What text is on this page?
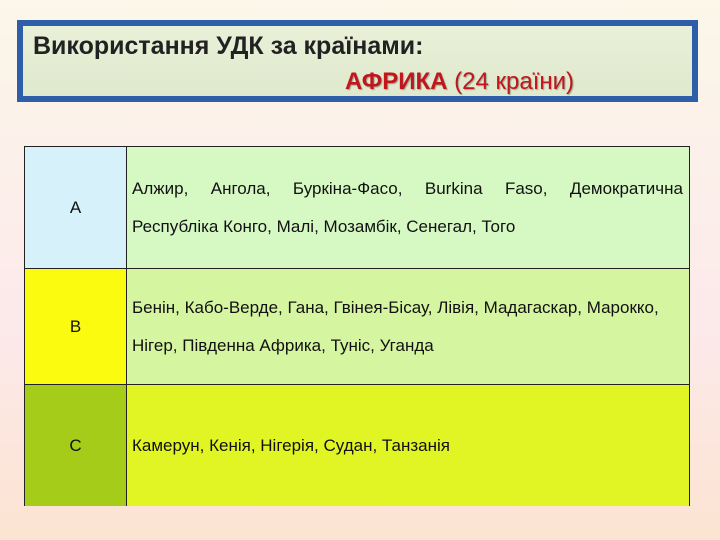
Використання УДК за країнами:
АФРИКА (24 країни)
A
Алжир, Ангола, Буркіна-Фасо, Burkina Faso, Демократична Республіка Конго, Малі, Мозамбік, Сенегал, Того
B
Бенін, Кабо-Верде, Гана, Гвінея-Бісау, Лівія, Мадагаскар, Марокко, Нігер, Південна Африка, Туніс, Уганда
C	Камерун, Кенія, Нігерія, Судан, Танзанія
